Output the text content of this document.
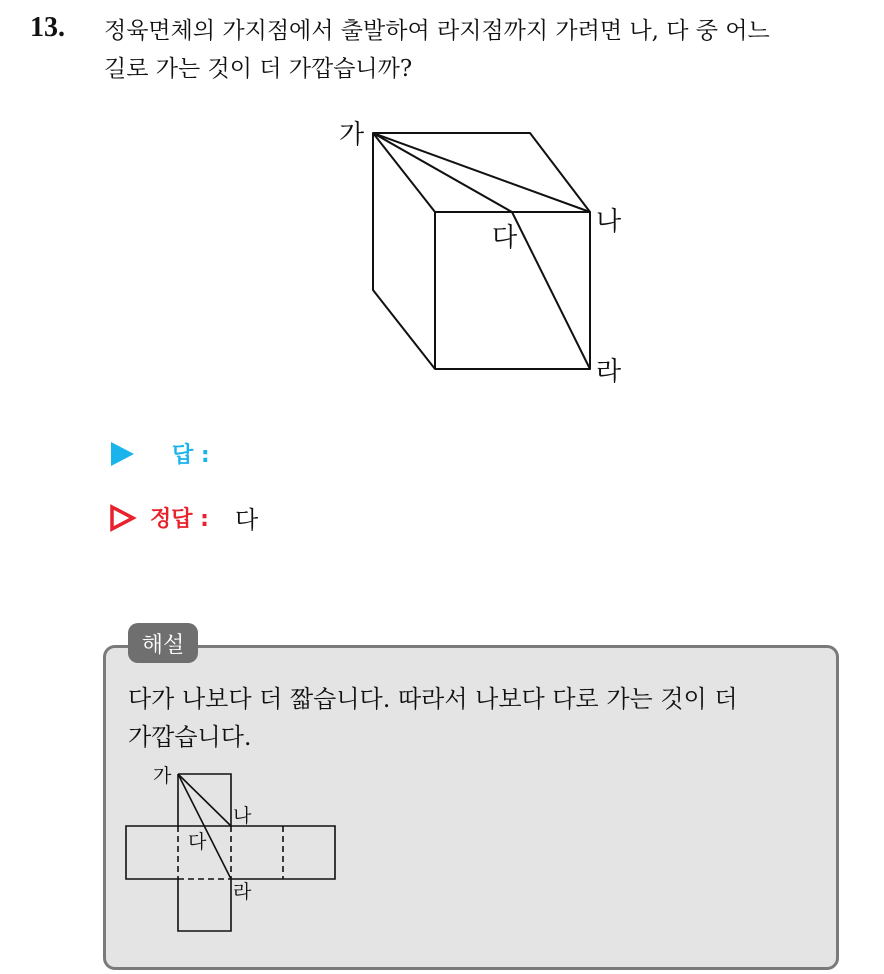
13. 정육면체의 가지점에서 출발하여 라지점까지 가려면 나, 다 중 어느
길로 가는 것이 더 가깝습니까?
가
나
다
라
답 :
정답 : 다
해설
다가 나보다 더 짧습니다. 따라서 나보다 다로 가는 것이 더
가깝습니다.
가
나
다
라
